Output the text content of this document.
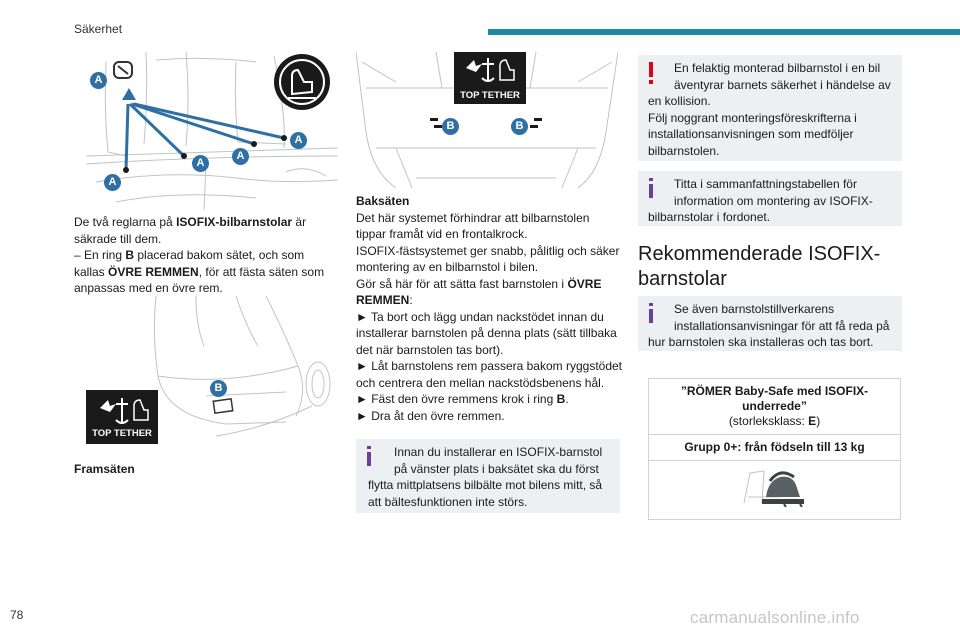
Säkerhet
78	carmanualsonline.info
A
A
A
A
A

De två reglarna på ISOFIX-bilbarnstolar är säkrade till dem.

– En ring B placerad bakom sätet, och som kallas ÖVRE REMMEN, för att fästa säten som anpassas med en övre rem.

TOP TETHER
B

Framsäten

TOP TETHER
B	B

Baksäten

Det här systemet förhindrar att bilbarnstolen tippar framåt vid en frontalkrock.

ISOFIX-fästsystemet ger snabb, pålitlig och säker montering av en bilbarnstol i bilen.

Gör så här för att sätta fast barnstolen i ÖVRE REMMEN:

► Ta bort och lägg undan nackstödet innan du installerar barnstolen på denna plats (sätt tillbaka det när barnstolen tas bort).

► Låt barnstolens rem passera bakom ryggstödet och centrera den mellan nackstödsbenens hål.

► Fäst den övre remmens krok i ring B.

► Dra åt den övre remmen.

Innan du installerar en ISOFIX-barnstol på vänster plats i baksätet ska du först

flytta mittplatsens bilbälte mot bilens mitt, så att bältesfunktionen inte störs.

En felaktig monterad bilbarnstol i en bil äventyrar barnets säkerhet i händelse av

en kollision.

Följ noggrant monteringsföreskrifterna i installationsanvisningen som medföljer bilbarnstolen.

Titta i sammanfattningstabellen för information om montering av ISOFIX-

bilbarnstolar i fordonet.

Rekommenderade ISOFIX-barnstolar

Se även barnstolstillverkarens installationsanvisningar för att få reda på

hur barnstolen ska installeras och tas bort.

”RÖMER Baby-Safe med ISOFIX-underrede”
(storleksklass: E)
Grupp 0+: från födseln till 13 kg
